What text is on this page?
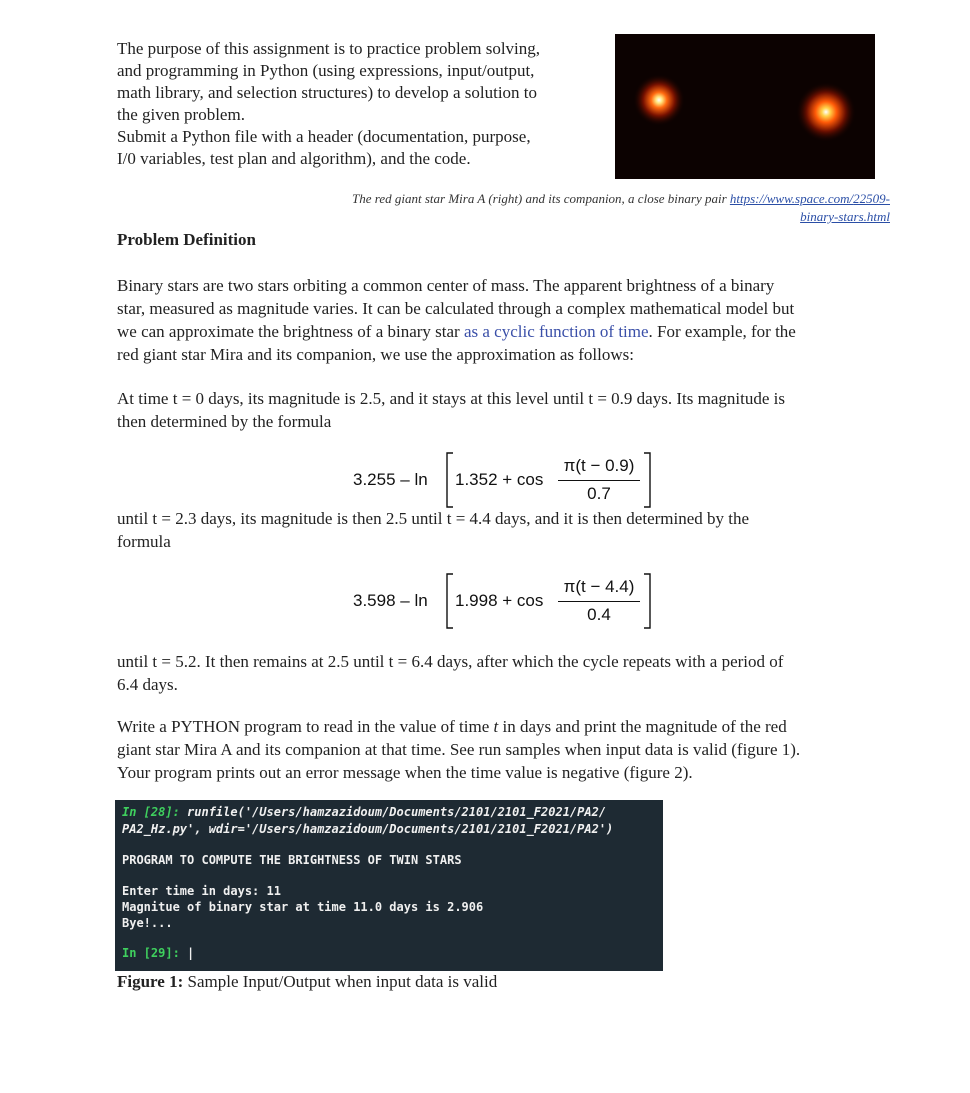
The purpose of this assignment is to practice problem solving,

and programming in Python (using expressions, input/output,

math library, and selection structures) to develop a solution to

the given problem.

Submit a Python file with a header (documentation, purpose,

I/0 variables, test plan and algorithm), and the code.

The red giant star Mira A (right) and its companion, a close binary pair https://www.space.com/22509-
binary-stars.html
Problem Definition

Binary stars are two stars orbiting a common center of mass. The apparent brightness of a binary

star, measured as magnitude varies. It can be calculated through a complex mathematical model but

we can approximate the brightness of a binary star as a cyclic function of time. For example, for the

red giant star Mira and its companion, we use the approximation as follows:

At time t = 0 days, its magnitude is 2.5, and it stays at this level until t = 0.9 days. Its magnitude is

then determined by the formula

3.255 – ln 1.352 + cos
π(t − 0.9)
0.7

until t = 2.3 days, its magnitude is then 2.5 until t = 4.4 days, and it is then determined by the

formula

3.598 – ln 1.998 + cos
π(t − 4.4)
0.4

until t = 5.2. It then remains at 2.5 until t = 6.4 days, after which the cycle repeats with a period of

6.4 days.

Write a PYTHON program to read in the value of time t in days and print the magnitude of the red

giant star Mira A and its companion at that time. See run samples when input data is valid (figure 1).

Your program prints out an error message when the time value is negative (figure 2).

In [28]: runfile('/Users/hamzazidoum/Documents/2101/2101_F2021/PA2/
PA2_Hz.py', wdir='/Users/hamzazidoum/Documents/2101/2101_F2021/PA2')
PROGRAM TO COMPUTE THE BRIGHTNESS OF TWIN STARS
Enter time in days: 11
Magnitue of binary star at time 11.0 days is 2.906
Bye!...
In [29]: |
Figure 1: Sample Input/Output when input data is valid
